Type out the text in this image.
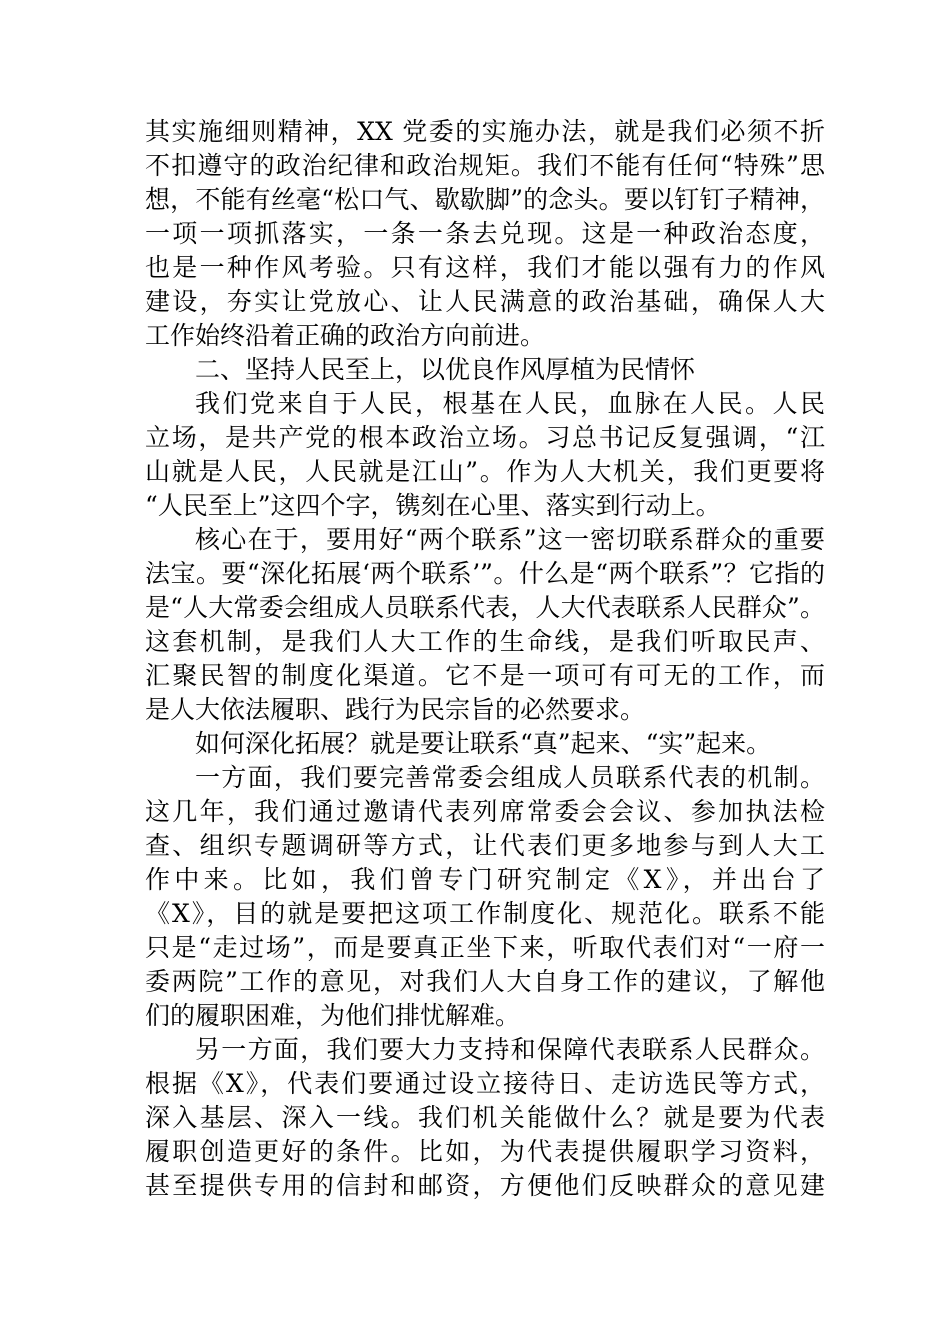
其实施细则精神，XX 党委的实施办法，就是我们必须不折
不扣遵守的政治纪律和政治规矩。我们不能有任何“特殊”思
想，不能有丝毫“松口气、歇歇脚”的念头。要以钉钉子精神，
一项一项抓落实，一条一条去兑现。这是一种政治态度，
也是一种作风考验。只有这样，我们才能以强有力的作风
建设，夯实让党放心、让人民满意的政治基础，确保人大
工作始终沿着正确的政治方向前进。
二、坚持人民至上，以优良作风厚植为民情怀
我们党来自于人民，根基在人民，血脉在人民。人民
立场，是共产党的根本政治立场。习总书记反复强调，“江
山就是人民，人民就是江山”。作为人大机关，我们更要将
“人民至上”这四个字，镌刻在心里、落实到行动上。
核心在于，要用好“两个联系”这一密切联系群众的重要
法宝。要“深化拓展‘两个联系’”。什么是“两个联系”？它指的
是“人大常委会组成人员联系代表，人大代表联系人民群众”。
这套机制，是我们人大工作的生命线，是我们听取民声、
汇聚民智的制度化渠道。它不是一项可有可无的工作，而
是人大依法履职、践行为民宗旨的必然要求。
如何深化拓展？就是要让联系“真”起来、“实”起来。
一方面，我们要完善常委会组成人员联系代表的机制。
这几年，我们通过邀请代表列席常委会会议、参加执法检
查、组织专题调研等方式，让代表们更多地参与到人大工
作中来。比如，我们曾专门研究制定《X》，并出台了
《X》，目的就是要把这项工作制度化、规范化。联系不能
只是“走过场”，而是要真正坐下来，听取代表们对“一府一
委两院”工作的意见，对我们人大自身工作的建议，了解他
们的履职困难，为他们排忧解难。
另一方面，我们要大力支持和保障代表联系人民群众。
根据《X》，代表们要通过设立接待日、走访选民等方式，
深入基层、深入一线。我们机关能做什么？就是要为代表
履职创造更好的条件。比如，为代表提供履职学习资料，
甚至提供专用的信封和邮资，方便他们反映群众的意见建
